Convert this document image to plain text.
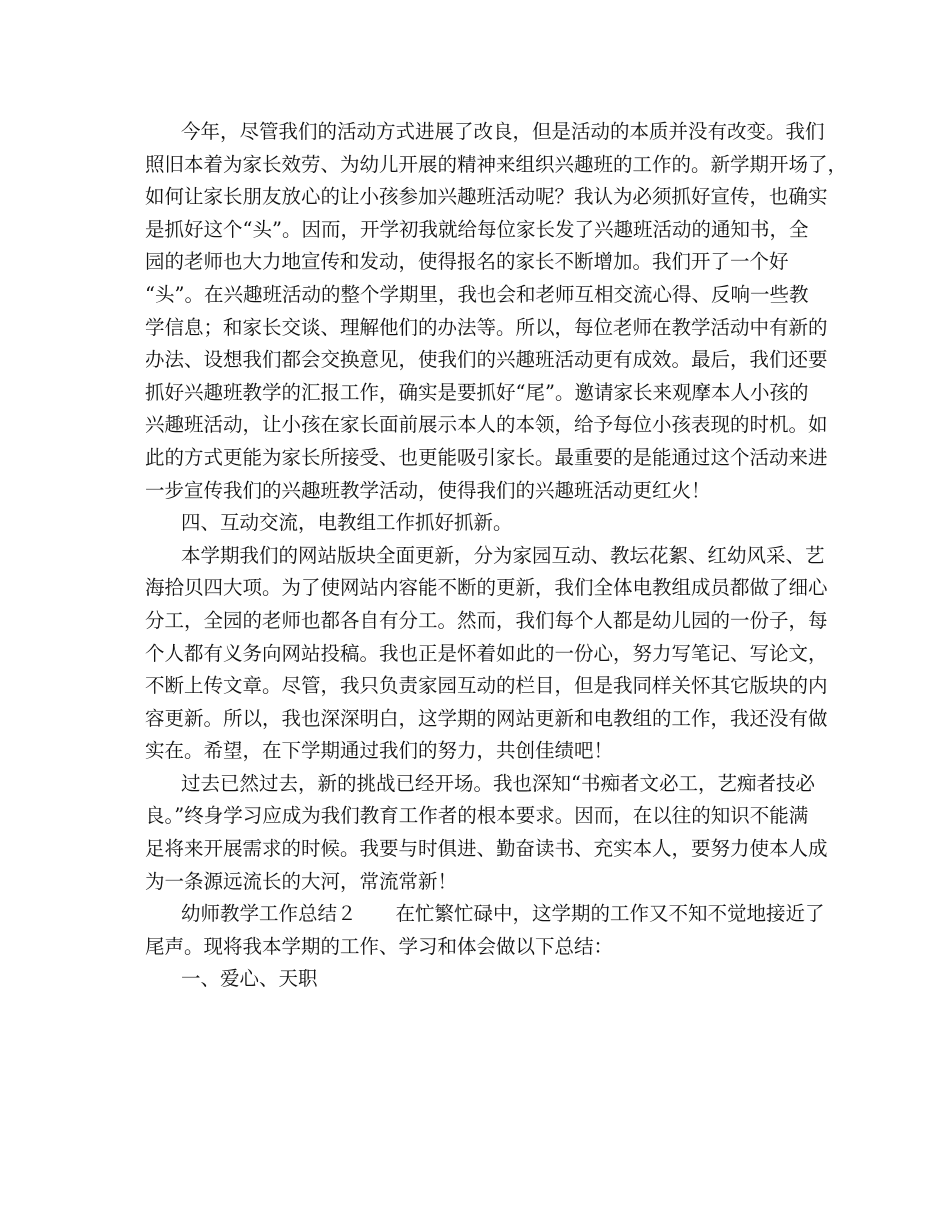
今年，尽管我们的活动方式进展了改良，但是活动的本质并没有改变。我们
照旧本着为家长效劳、为幼儿开展的精神来组织兴趣班的工作的。新学期开场了，
如何让家长朋友放心的让小孩参加兴趣班活动呢？我认为必须抓好宣传，也确实
是抓好这个“头”。因而，开学初我就给每位家长发了兴趣班活动的通知书，全
园的老师也大力地宣传和发动，使得报名的家长不断增加。我们开了一个好
“头”。在兴趣班活动的整个学期里，我也会和老师互相交流心得、反响一些教
学信息；和家长交谈、理解他们的办法等。所以，每位老师在教学活动中有新的
办法、设想我们都会交换意见，使我们的兴趣班活动更有成效。最后，我们还要
抓好兴趣班教学的汇报工作，确实是要抓好“尾”。邀请家长来观摩本人小孩的
兴趣班活动，让小孩在家长面前展示本人的本领，给予每位小孩表现的时机。如
此的方式更能为家长所接受、也更能吸引家长。最重要的是能通过这个活动来进
一步宣传我们的兴趣班教学活动，使得我们的兴趣班活动更红火！
四、互动交流，电教组工作抓好抓新。
本学期我们的网站版块全面更新，分为家园互动、教坛花絮、红幼风采、艺
海拾贝四大项。为了使网站内容能不断的更新，我们全体电教组成员都做了细心
分工，全园的老师也都各自有分工。然而，我们每个人都是幼儿园的一份子，每
个人都有义务向网站投稿。我也正是怀着如此的一份心，努力写笔记、写论文，
不断上传文章。尽管，我只负责家园互动的栏目，但是我同样关怀其它版块的内
容更新。所以，我也深深明白，这学期的网站更新和电教组的工作，我还没有做
实在。希望，在下学期通过我们的努力，共创佳绩吧！
过去已然过去，新的挑战已经开场。我也深知“书痴者文必工，艺痴者技必
良。”终身学习应成为我们教育工作者的根本要求。因而，在以往的知识不能满
足将来开展需求的时候。我要与时俱进、勤奋读书、充实本人，要努力使本人成
为一条源远流长的大河，常流常新！
幼师教学工作总结２　　在忙繁忙碌中，这学期的工作又不知不觉地接近了
尾声。现将我本学期的工作、学习和体会做以下总结：
一、爱心、天职
